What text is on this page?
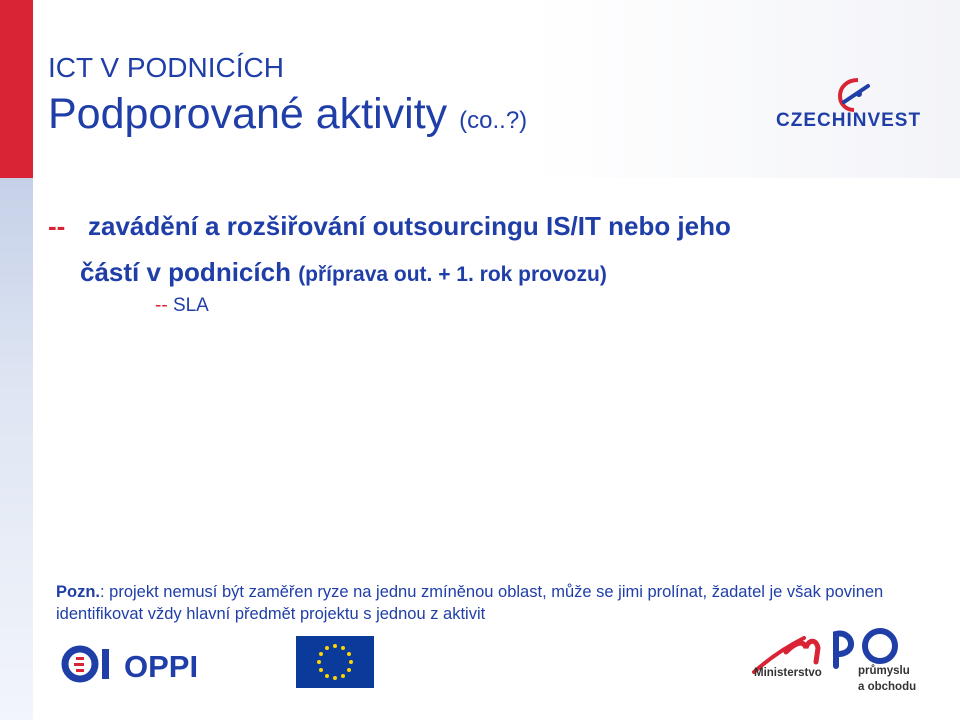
ICT V PODNICÍCH
Podporované aktivity (co..?)	CZECHINVEST
-- zavádění a rozšiřování outsourcingu IS/IT nebo jeho
částí v podnicích (příprava out. + 1. rok provozu)
-- SLA
Pozn.: projekt nemusí být zaměřen ryze na jednu zmíněnou oblast, může se jimi prolínat, žadatel je však povinen identifikovat vždy hlavní předmět projektu s jednou z aktivit
OPPI	Ministerstvo	průmyslu
a obchodu
